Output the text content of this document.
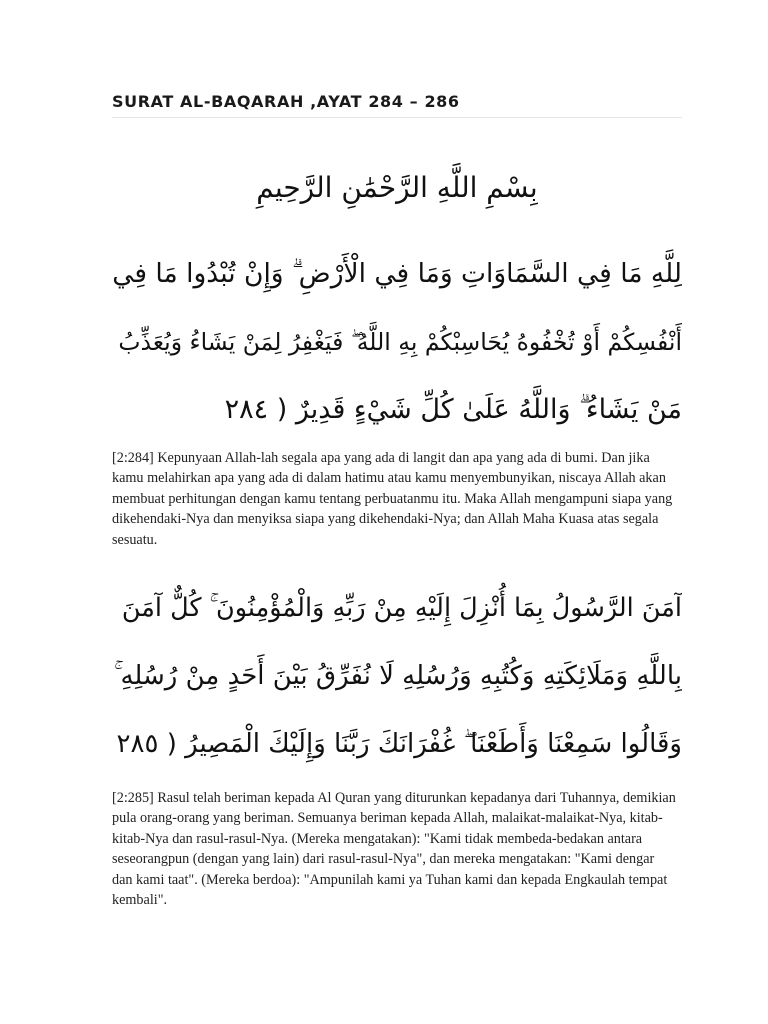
SURAT AL-BAQARAH ,AYAT 284 – 286
بِسْمِ اللَّهِ الرَّحْمَٰنِ الرَّحِيمِ
لِلَّهِ مَا فِي السَّمَاوَاتِ وَمَا فِي الْأَرْضِ ۗ وَإِنْ تُبْدُوا مَا فِي
أَنْفُسِكُمْ أَوْ تُخْفُوهُ يُحَاسِبْكُمْ بِهِ اللَّهُ ۖ فَيَغْفِرُ لِمَنْ يَشَاءُ وَيُعَذِّبُ
مَنْ يَشَاءُ ۗ وَاللَّهُ عَلَىٰ كُلِّ شَيْءٍ قَدِيرٌ ( ٢٨٤
[2:284] Kepunyaan Allah-lah segala apa yang ada di langit dan apa yang ada di bumi. Dan jika kamu melahirkan apa yang ada di dalam hatimu atau kamu menyembunyikan, niscaya Allah akan membuat perhitungan dengan kamu tentang perbuatanmu itu. Maka Allah mengampuni siapa yang dikehendaki-Nya dan menyiksa siapa yang dikehendaki-Nya; dan Allah Maha Kuasa atas segala sesuatu.
آمَنَ الرَّسُولُ بِمَا أُنْزِلَ إِلَيْهِ مِنْ رَبِّهِ وَالْمُؤْمِنُونَ ۚ كُلٌّ آمَنَ
بِاللَّهِ وَمَلَائِكَتِهِ وَكُتُبِهِ وَرُسُلِهِ لَا نُفَرِّقُ بَيْنَ أَحَدٍ مِنْ رُسُلِهِ ۚ
وَقَالُوا سَمِعْنَا وَأَطَعْنَا ۖ غُفْرَانَكَ رَبَّنَا وَإِلَيْكَ الْمَصِيرُ ( ٢٨٥
[2:285] Rasul telah beriman kepada Al Quran yang diturunkan kepadanya dari Tuhannya, demikian pula orang-orang yang beriman. Semuanya beriman kepada Allah, malaikat-malaikat-Nya, kitab-kitab-Nya dan rasul-rasul-Nya. (Mereka mengatakan): "Kami tidak membeda-bedakan antara seseorangpun (dengan yang lain) dari rasul-rasul-Nya", dan mereka mengatakan: "Kami dengar dan kami taat". (Mereka berdoa): "Ampunilah kami ya Tuhan kami dan kepada Engkaulah tempat kembali".
